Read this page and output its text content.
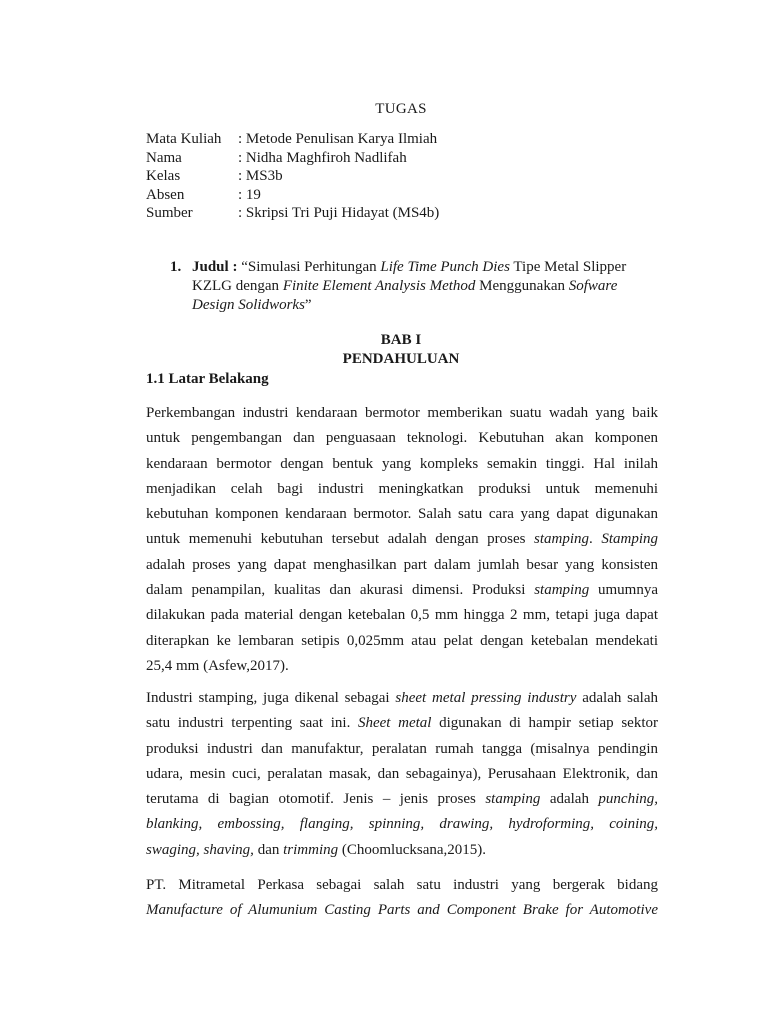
TUGAS
Mata Kuliah	: Metode Penulisan Karya Ilmiah
Nama	: Nidha Maghfiroh Nadlifah
Kelas	: MS3b
Absen	: 19
Sumber	: Skripsi Tri Puji Hidayat (MS4b)
1. Judul : “Simulasi Perhitungan Life Time Punch Dies Tipe Metal Slipper KZLG dengan Finite Element Analysis Method Menggunakan Sofware Design Solidworks”
BAB I
PENDAHULUAN
1.1 Latar Belakang
Perkembangan industri kendaraan bermotor memberikan suatu wadah yang baik
untuk pengembangan dan penguasaan teknologi. Kebutuhan akan komponen
kendaraan bermotor dengan bentuk yang kompleks semakin tinggi. Hal inilah
menjadikan celah bagi industri meningkatkan produksi untuk memenuhi
kebutuhan komponen kendaraan bermotor. Salah satu cara yang dapat digunakan
untuk memenuhi kebutuhan tersebut adalah dengan proses stamping. Stamping
adalah proses yang dapat menghasilkan part dalam jumlah besar yang konsisten
dalam penampilan, kualitas dan akurasi dimensi. Produksi stamping umumnya
dilakukan pada material dengan ketebalan 0,5 mm hingga 2 mm, tetapi juga dapat
diterapkan ke lembaran setipis 0,025mm atau pelat dengan ketebalan mendekati
25,4 mm (Asfew,2017).
Industri stamping, juga dikenal sebagai sheet metal pressing industry adalah salah
satu industri terpenting saat ini. Sheet metal digunakan di hampir setiap sektor
produksi industri dan manufaktur, peralatan rumah tangga (misalnya pendingin
udara, mesin cuci, peralatan masak, dan sebagainya), Perusahaan Elektronik, dan
terutama di bagian otomotif. Jenis – jenis proses stamping adalah punching,
blanking, embossing, flanging, spinning, drawing, hydroforming, coining,
swaging, shaving, dan trimming (Choomlucksana,2015).
PT. Mitrametal Perkasa sebagai salah satu industri yang bergerak bidang
Manufacture of Alumunium Casting Parts and Component Brake for Automotive
